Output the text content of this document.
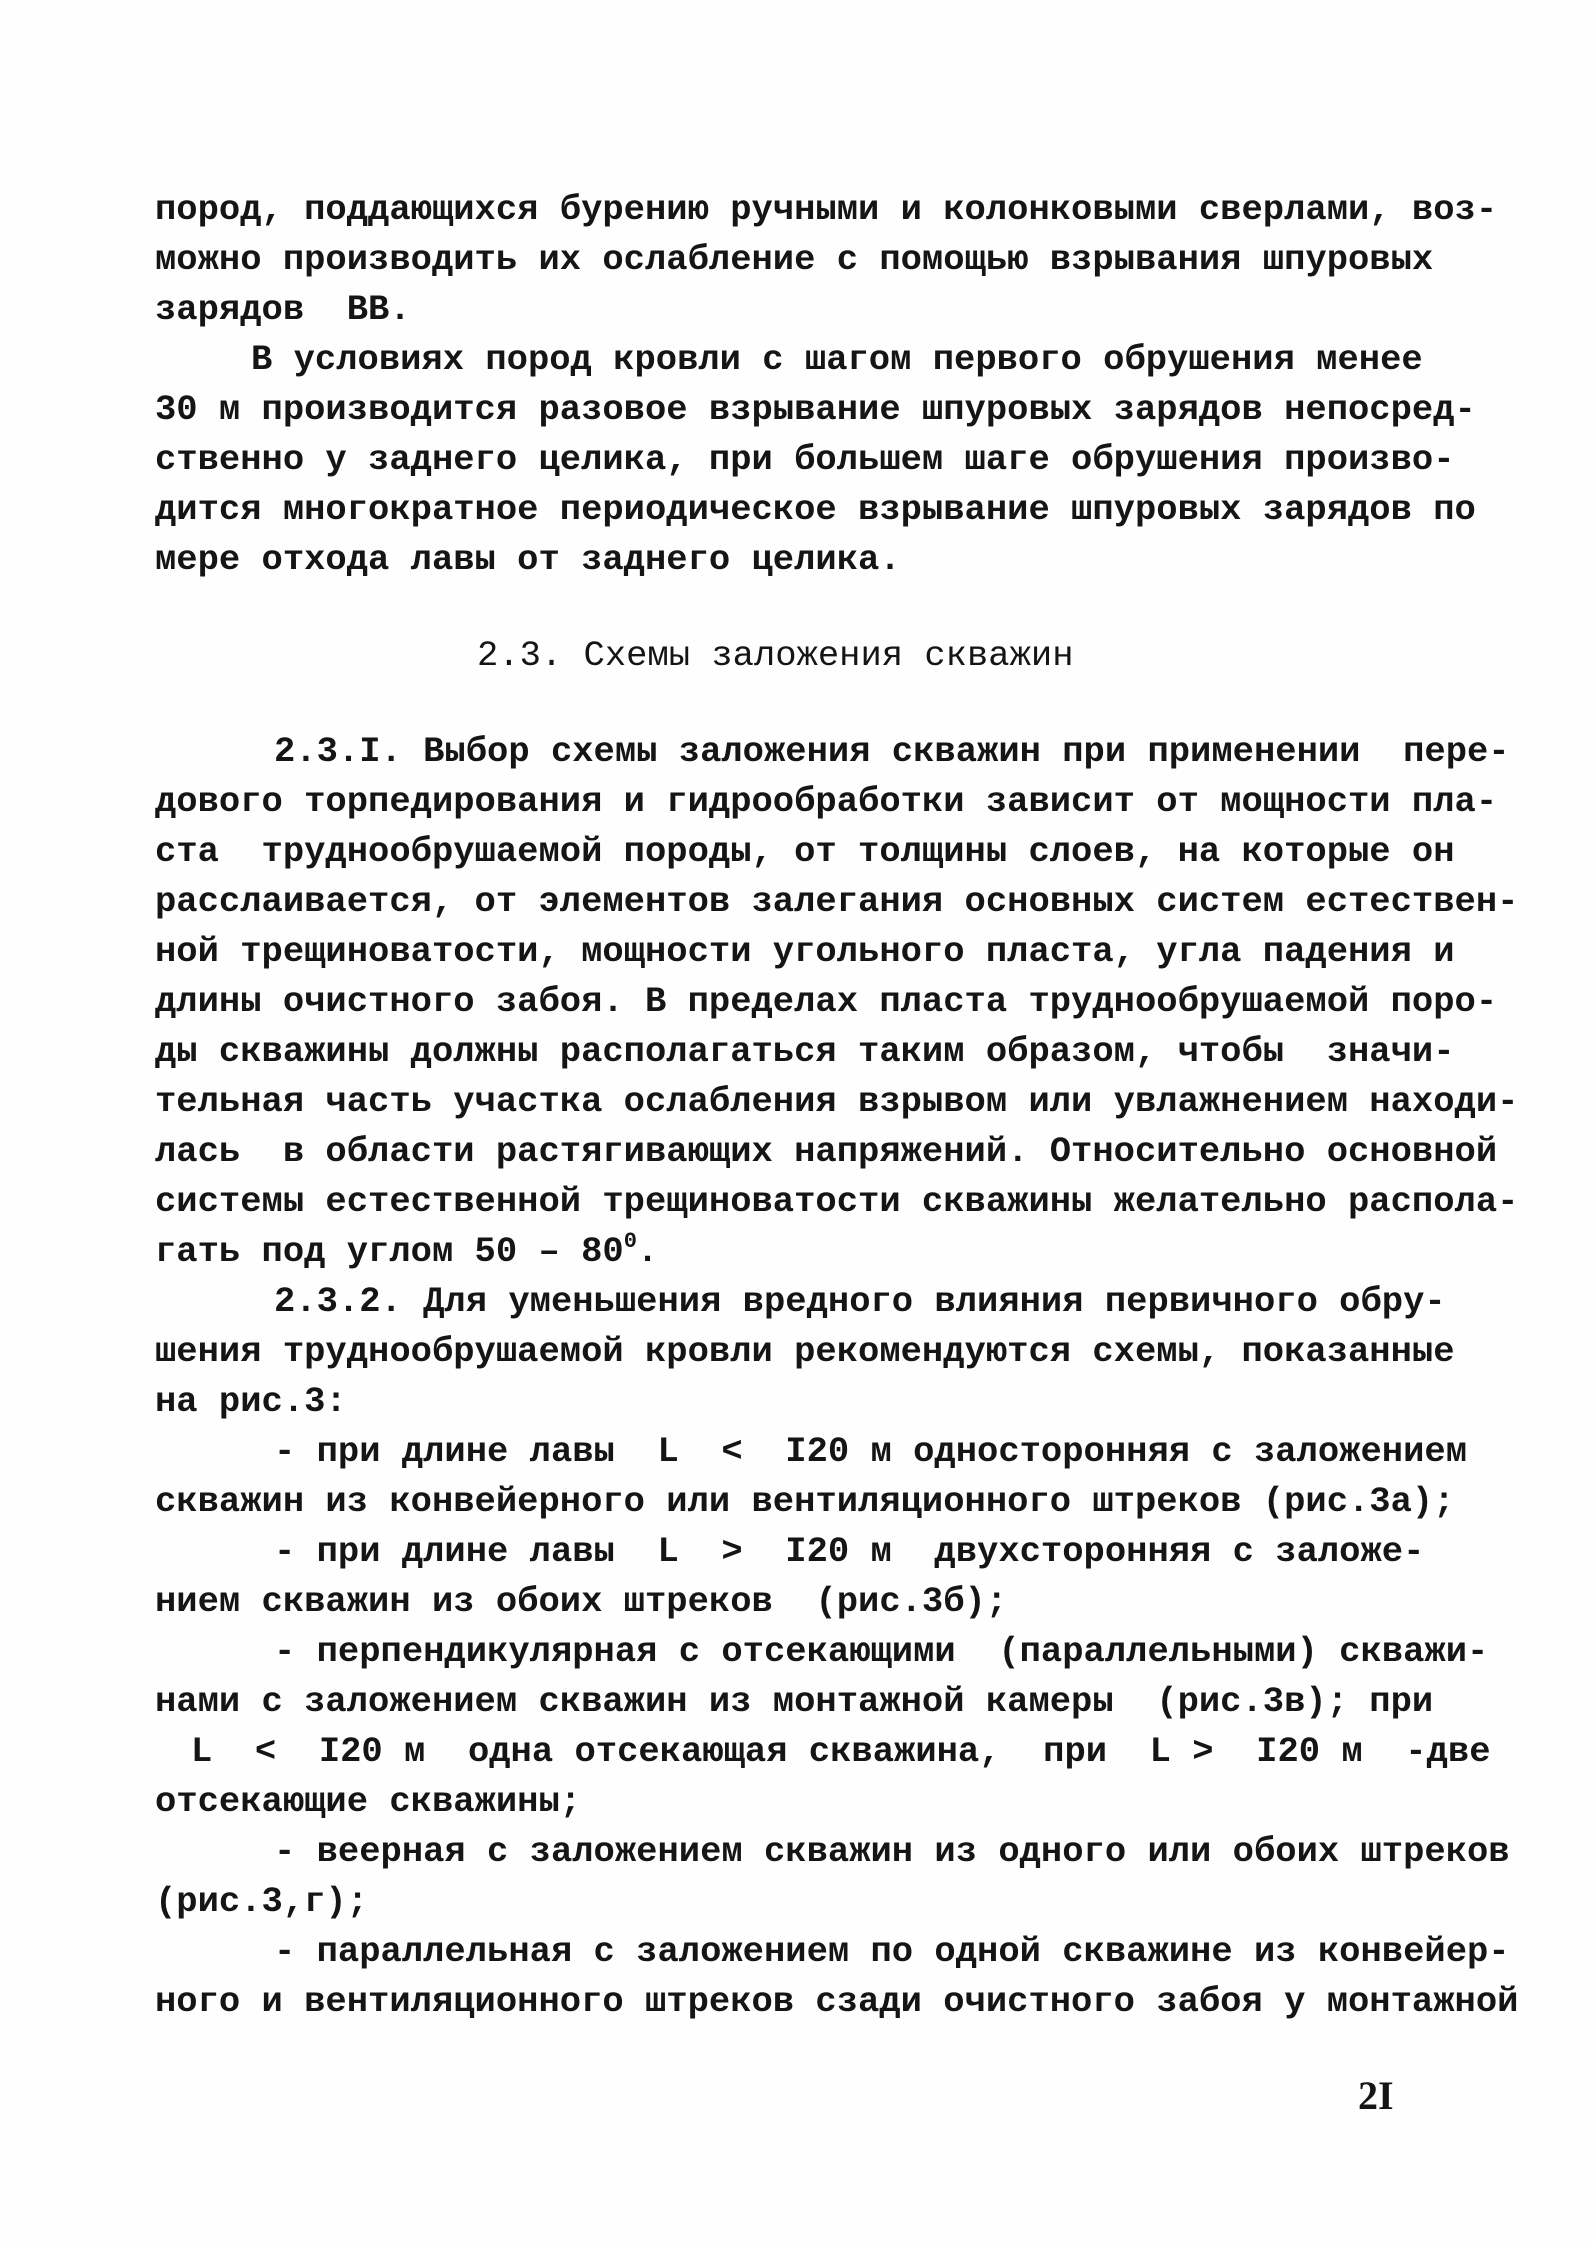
пород, поддающихся бурению ручными и колонковыми сверлами, воз-
можно производить их ослабление с помощью взрывания шпуровых
зарядов  ВВ.
В условиях пород кровли с шагом первого обрушения менее
30 м производится разовое взрывание шпуровых зарядов непосред-
ственно у заднего целика, при большем шаге обрушения произво-
дится многократное периодическое взрывание шпуровых зарядов по
мере отхода лавы от заднего целика.
2.3. Схемы заложения скважин
2.3.I. Выбор схемы заложения скважин при применении  пере-
дового торпедирования и гидрообработки зависит от мощности пла-
ста  труднообрушаемой породы, от толщины слоев, на которые он
расслаивается, от элементов залегания основных систем естествен-
ной трещиноватости, мощности угольного пласта, угла падения и
длины очистного забоя. В пределах пласта труднообрушаемой поро-
ды скважины должны располагаться таким образом, чтобы  значи-
тельная часть участка ослабления взрывом или увлажнением находи-
лась  в области растягивающих напряжений. Относительно основной
системы естественной трещиноватости скважины желательно распола-
гать под углом $50 - 80^0$.
2.3.2. Для уменьшения вредного влияния первичного обру-
шения труднообрушаемой кровли рекомендуются схемы, показанные
на рис.3:
- при длине лавы  L  <  I20 м односторонняя с заложением
скважин из конвейерного или вентиляционного штреков (рис.3а);
- при длине лавы  L  >  I20 м  двухсторонняя с заложе-
нием скважин из обоих штреков  (рис.3б);
- перпендикулярная с отсекающими  (параллельными) скважи-
нами с заложением скважин из монтажной камеры  (рис.3в); при
L  <  I20 м  одна отсекающая скважина,  при  L >  I20 м  -две
отсекающие скважины;
- веерная с заложением скважин из одного или обоих штреков
(рис.3,г);
- параллельная с заложением по одной скважине из конвейер-
ного и вентиляционного штреков сзади очистного забоя у монтажной
2I
